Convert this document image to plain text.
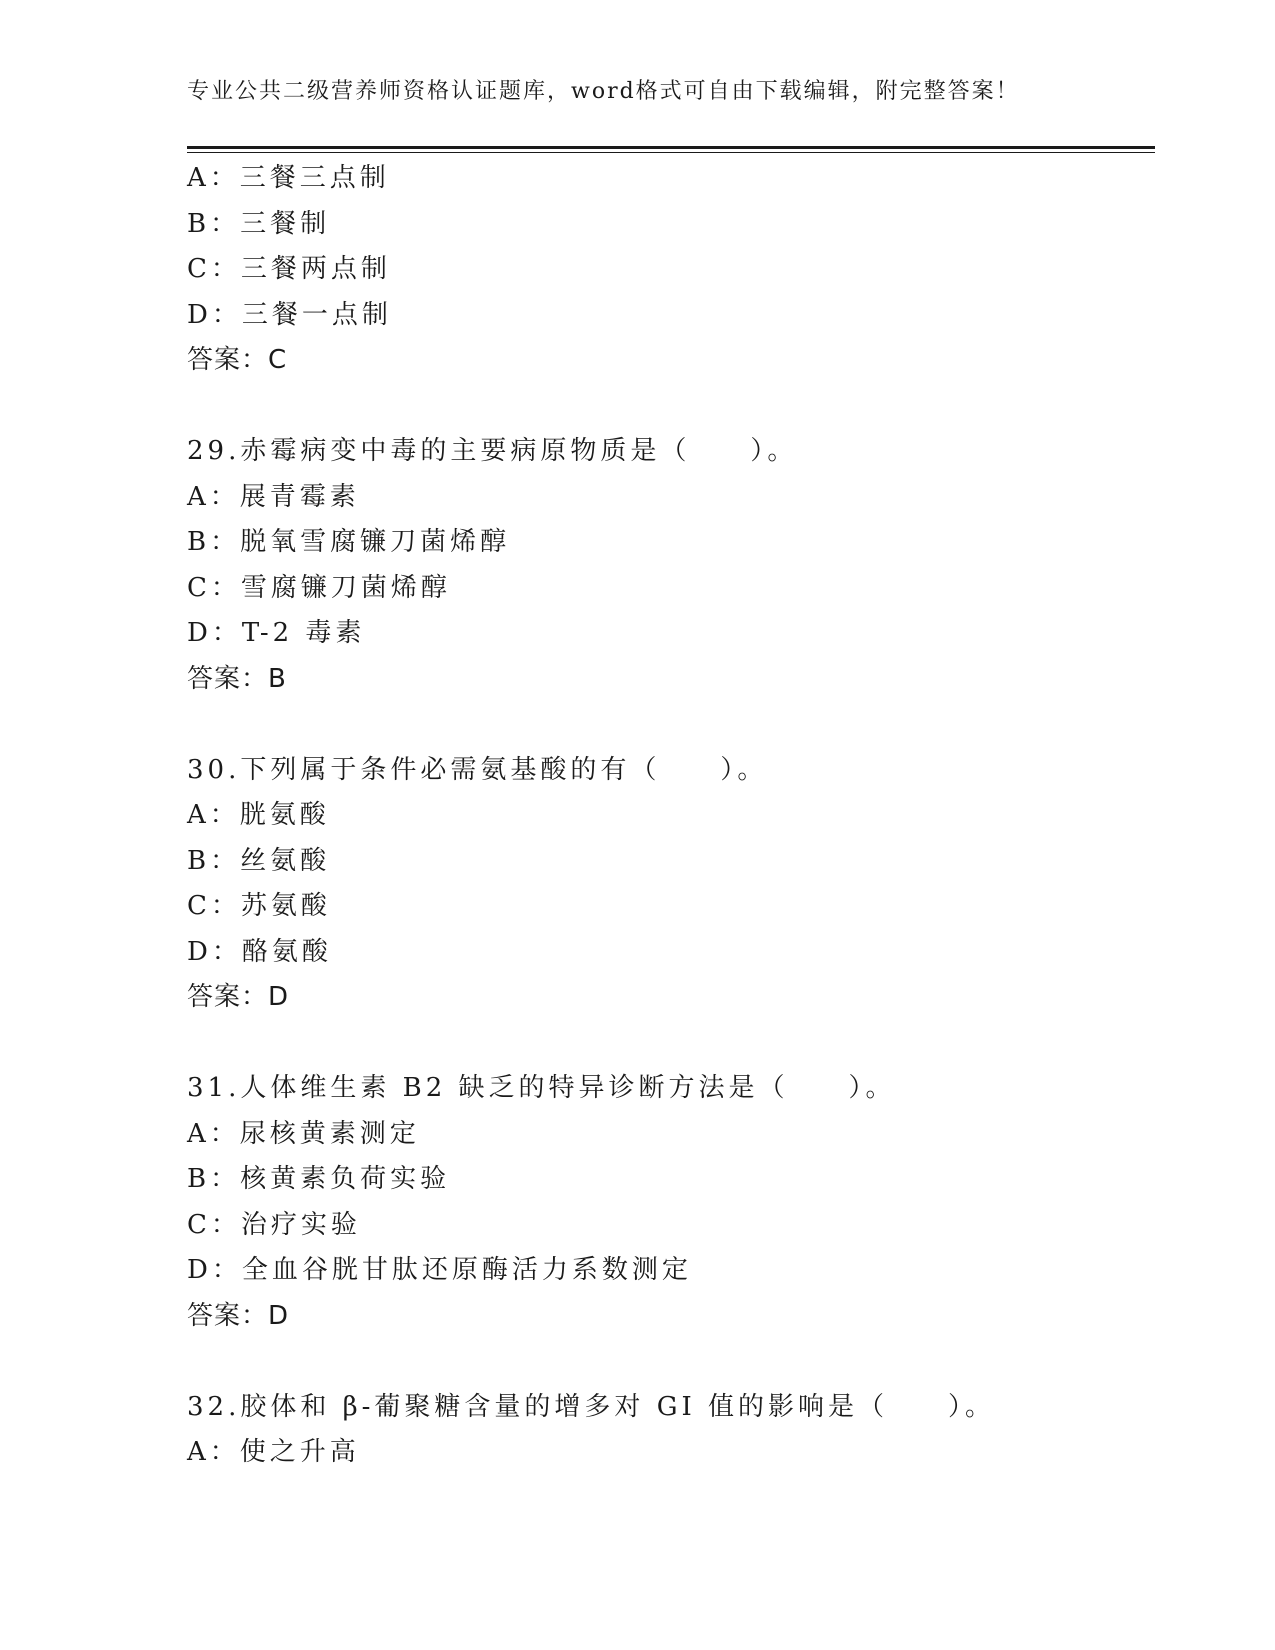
专业公共二级营养师资格认证题库，word格式可自由下载编辑，附完整答案！
A：三餐三点制
B：三餐制
C：三餐两点制
D：三餐一点制
答案：C
29.赤霉病变中毒的主要病原物质是（　　）。
A：展青霉素
B：脱氧雪腐镰刀菌烯醇
C：雪腐镰刀菌烯醇
D：T-2 毒素
答案：B
30.下列属于条件必需氨基酸的有（　　）。
A：胱氨酸
B：丝氨酸
C：苏氨酸
D：酪氨酸
答案：D
31.人体维生素 B2 缺乏的特异诊断方法是（　　）。
A：尿核黄素测定
B：核黄素负荷实验
C：治疗实验
D：全血谷胱甘肽还原酶活力系数测定
答案：D
32.胶体和 β-葡聚糖含量的增多对 GI 值的影响是（　　）。
A：使之升高
